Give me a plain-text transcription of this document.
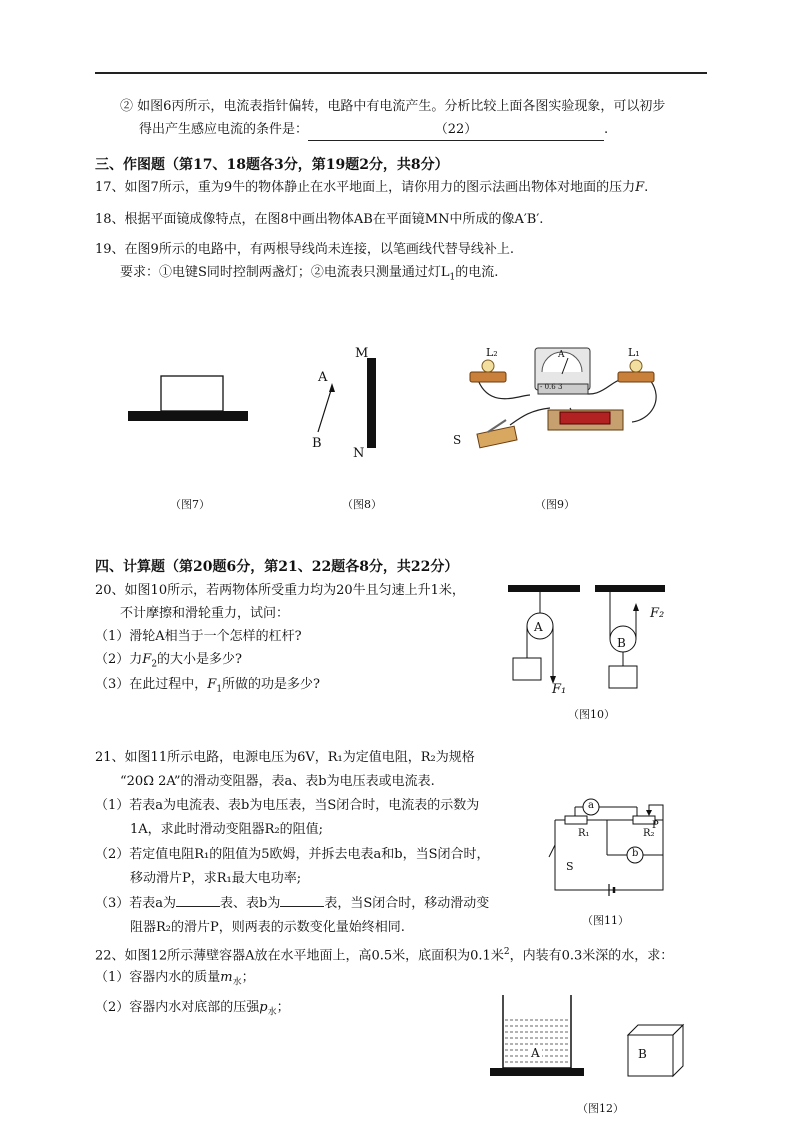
② 如图6丙所示，电流表指针偏转，电路中有电流产生。分析比较上面各图实验现象，可以初步
得出产生感应电流的条件是：	（22）	.
三、作图题（第17、18题各3分，第19题2分，共8分）
17、如图7所示，重为9牛的物体静止在水平地面上，请你用力的图示法画出物体对地面的压力F.
18、根据平面镜成像特点，在图8中画出物体AB在平面镜MN中所成的像A′B′.
19、在图9所示的电路中，有两根导线尚未连接，以笔画线代替导线补上.
要求：①电键S同时控制两盏灯；②电流表只测量通过灯$L_1$的电流.
（图7）
M
N
A
B
（图8）
L₂	L₁
S
A
- 0.6 3
（图9）
四、计算题（第20题6分，第21、22题各8分，共22分）
20、如图10所示，若两物体所受重力均为20牛且匀速上升1米，
不计摩擦和滑轮重力，试问：
（1）滑轮A相当于一个怎样的杠杆?
（2）力$F_2$的大小是多少?
（3）在此过程中，$F_1$所做的功是多少?
A
B
F₁
F₂
（图10）
21、如图11所示电路，电源电压为6V，R₁为定值电阻，R₂为规格
“20Ω 2A”的滑动变阻器，表a、表b为电压表或电流表.
（1）若表a为电流表、表b为电压表，当S闭合时，电流表的示数为
1A，求此时滑动变阻器R₂的阻值;
（2）若定值电阻R₁的阻值为5欧姆，并拆去电表a和b，当S闭合时，
移动滑片P，求R₁最大电功率;
（3）若表a为	表、表b为	表，当S闭合时，移动滑动变
阻器R₂的滑片P，则两表的示数变化量始终相同.
a
b
R₁	R₂
S
P
（图11）
22、如图12所示薄壁容器A放在水平地面上，高0.5米，底面积为0.1米$^2$，内装有0.3米深的水，求：
（1）容器内水的质量$m_水$；
（2）容器内水对底部的压强$p_水$；
A	B
（图12）
